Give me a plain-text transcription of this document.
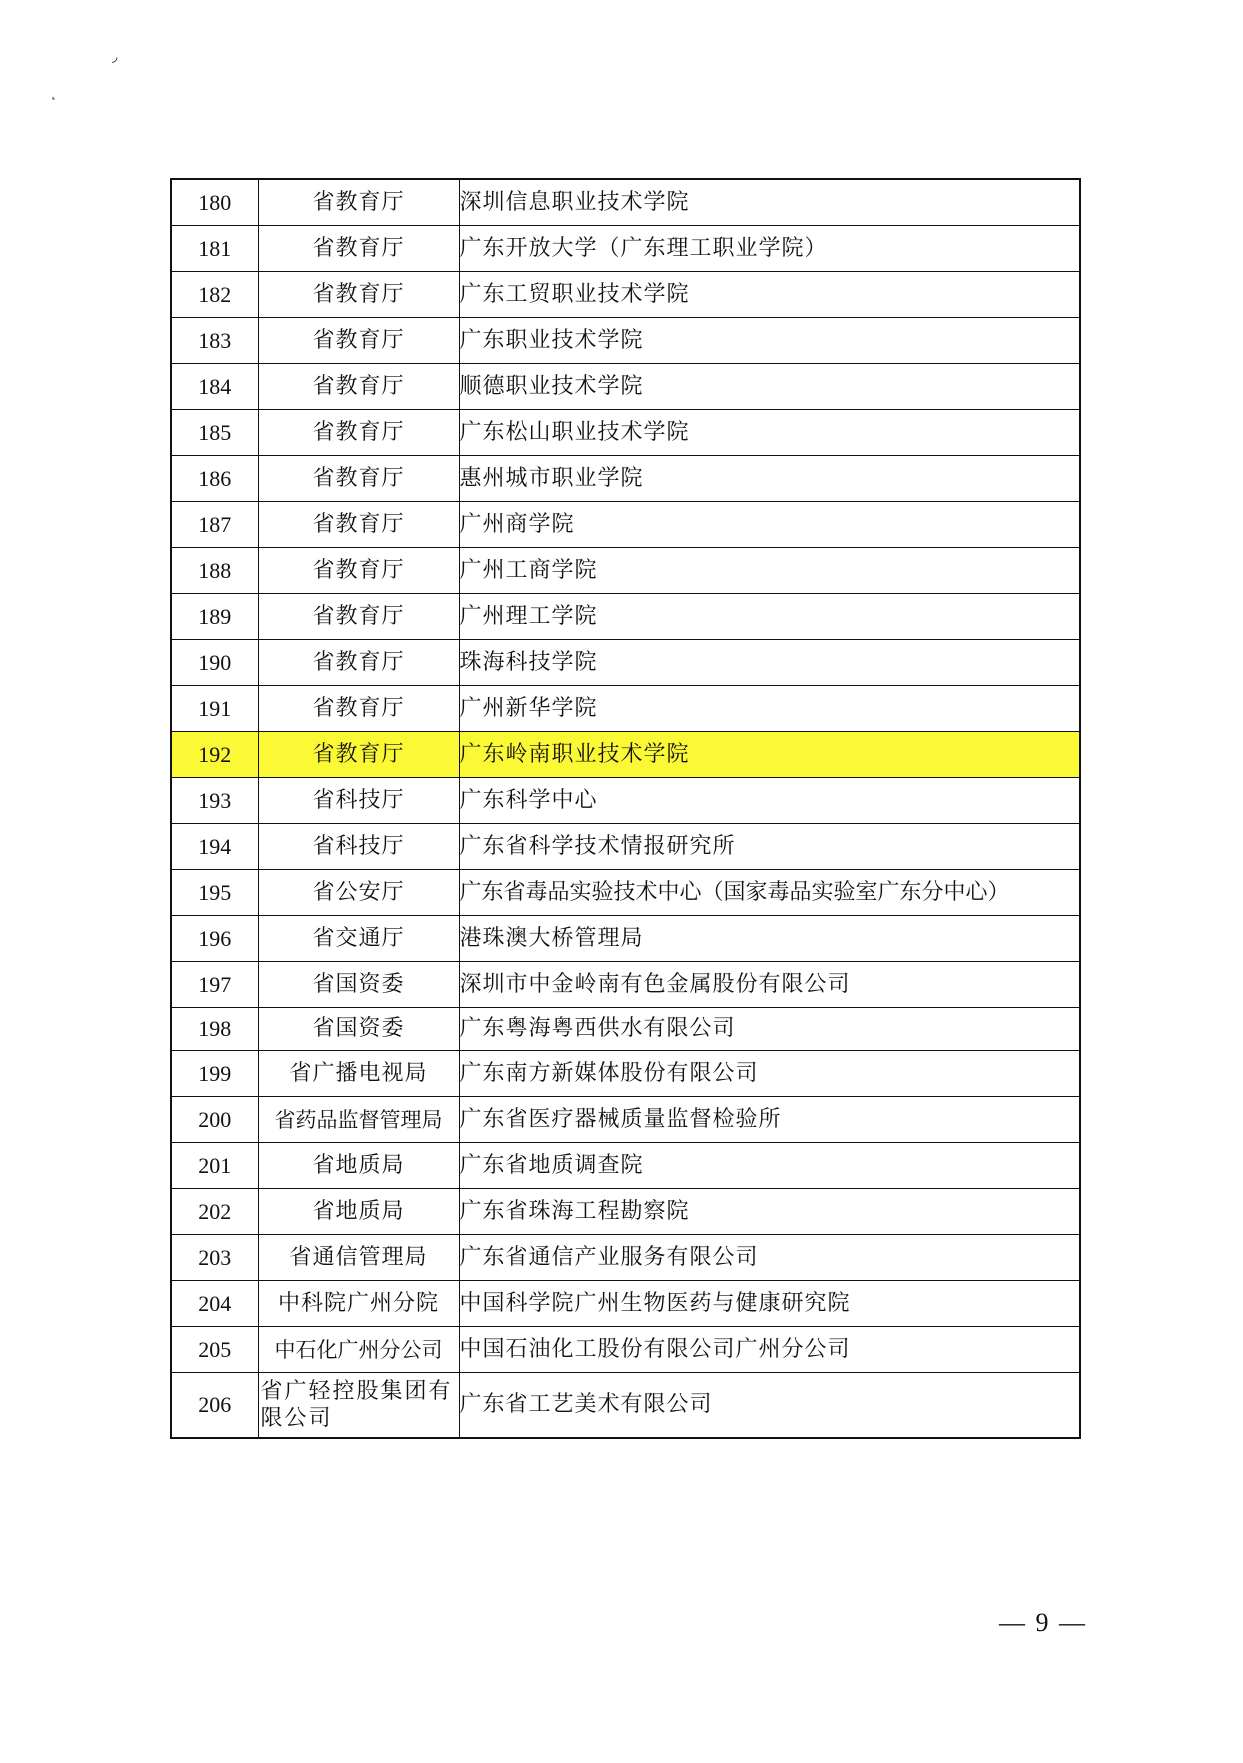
◞
˛
180	省教育厅	深圳信息职业技术学院
181	省教育厅	广东开放大学（广东理工职业学院）
182	省教育厅	广东工贸职业技术学院
183	省教育厅	广东职业技术学院
184	省教育厅	顺德职业技术学院
185	省教育厅	广东松山职业技术学院
186	省教育厅	惠州城市职业学院
187	省教育厅	广州商学院
188	省教育厅	广州工商学院
189	省教育厅	广州理工学院
190	省教育厅	珠海科技学院
191	省教育厅	广州新华学院
192	省教育厅	广东岭南职业技术学院
193	省科技厅	广东科学中心
194	省科技厅	广东省科学技术情报研究所
195	省公安厅	广东省毒品实验技术中心（国家毒品实验室广东分中心）
196	省交通厅	港珠澳大桥管理局
197	省国资委	深圳市中金岭南有色金属股份有限公司
198	省国资委	广东粤海粤西供水有限公司
199	省广播电视局	广东南方新媒体股份有限公司
200	省药品监督管理局	广东省医疗器械质量监督检验所
201	省地质局	广东省地质调查院
202	省地质局	广东省珠海工程勘察院
203	省通信管理局	广东省通信产业服务有限公司
204	中科院广州分院	中国科学院广州生物医药与健康研究院
205	中石化广州分公司	中国石油化工股份有限公司广州分公司
206	省广轻控股集团有限公司	广东省工艺美术有限公司
— 9 —
